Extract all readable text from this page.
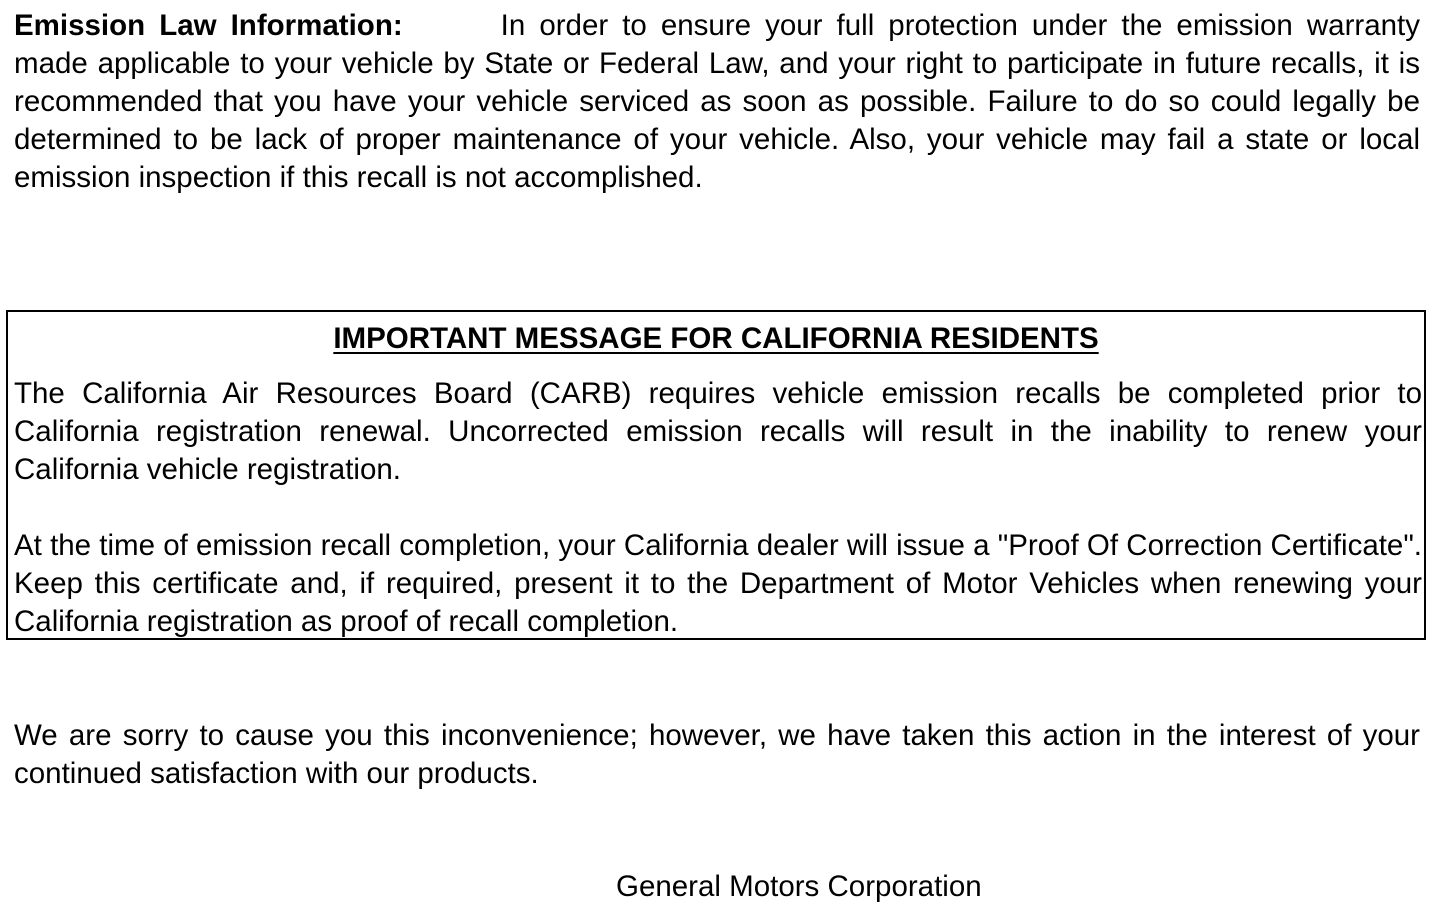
Emission Law Information:	In order to ensure your full protection under the emission warranty made applicable to your vehicle by State or Federal Law, and your right to participate in future recalls, it is recommended that you have your vehicle serviced as soon as possible. Failure to do so could legally be determined to be lack of proper maintenance of your vehicle. Also, your vehicle may fail a state or local emission inspection if this recall is not accomplished.

IMPORTANT MESSAGE FOR CALIFORNIA RESIDENTS

The California Air Resources Board (CARB) requires vehicle emission recalls be completed prior to California registration renewal. Uncorrected emission recalls will result in the inability to renew your California vehicle registration.

At the time of emission recall completion, your California dealer will issue a "Proof Of Correction Certificate". Keep this certificate and, if required, present it to the Department of Motor Vehicles when renewing your California registration as proof of recall completion.

We are sorry to cause you this inconvenience; however, we have taken this action in the interest of your continued satisfaction with our products.

General Motors Corporation
